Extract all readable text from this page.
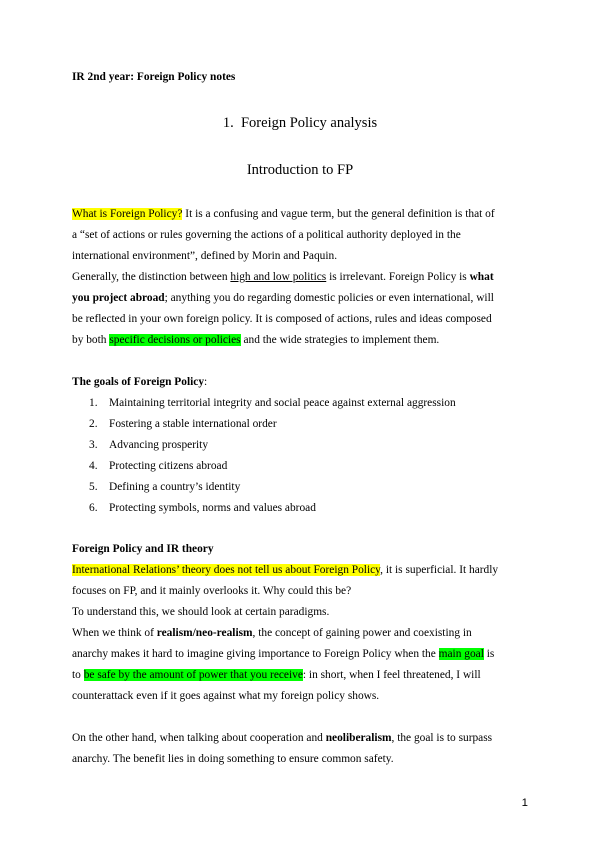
IR 2nd year: Foreign Policy notes
1. Foreign Policy analysis
Introduction to FP
What is Foreign Policy? It is a confusing and vague term, but the general definition is that of
a “set of actions or rules governing the actions of a political authority deployed in the
international environment”, defined by Morin and Paquin.
Generally, the distinction between high and low politics is irrelevant. Foreign Policy is what
you project abroad; anything you do regarding domestic policies or even international, will
be reflected in your own foreign policy. It is composed of actions, rules and ideas composed
by both specific decisions or policies and the wide strategies to implement them.
The goals of Foreign Policy:
1. Maintaining territorial integrity and social peace against external aggression
2. Fostering a stable international order
3. Advancing prosperity
4. Protecting citizens abroad
5. Defining a country’s identity
6. Protecting symbols, norms and values abroad
Foreign Policy and IR theory
International Relations’ theory does not tell us about Foreign Policy, it is superficial. It hardly
focuses on FP, and it mainly overlooks it. Why could this be?
To understand this, we should look at certain paradigms.
When we think of realism/neo-realism, the concept of gaining power and coexisting in
anarchy makes it hard to imagine giving importance to Foreign Policy when the main goal is
to be safe by the amount of power that you receive: in short, when I feel threatened, I will
counterattack even if it goes against what my foreign policy shows.
On the other hand, when talking about cooperation and neoliberalism, the goal is to surpass
anarchy. The benefit lies in doing something to ensure common safety.
1
